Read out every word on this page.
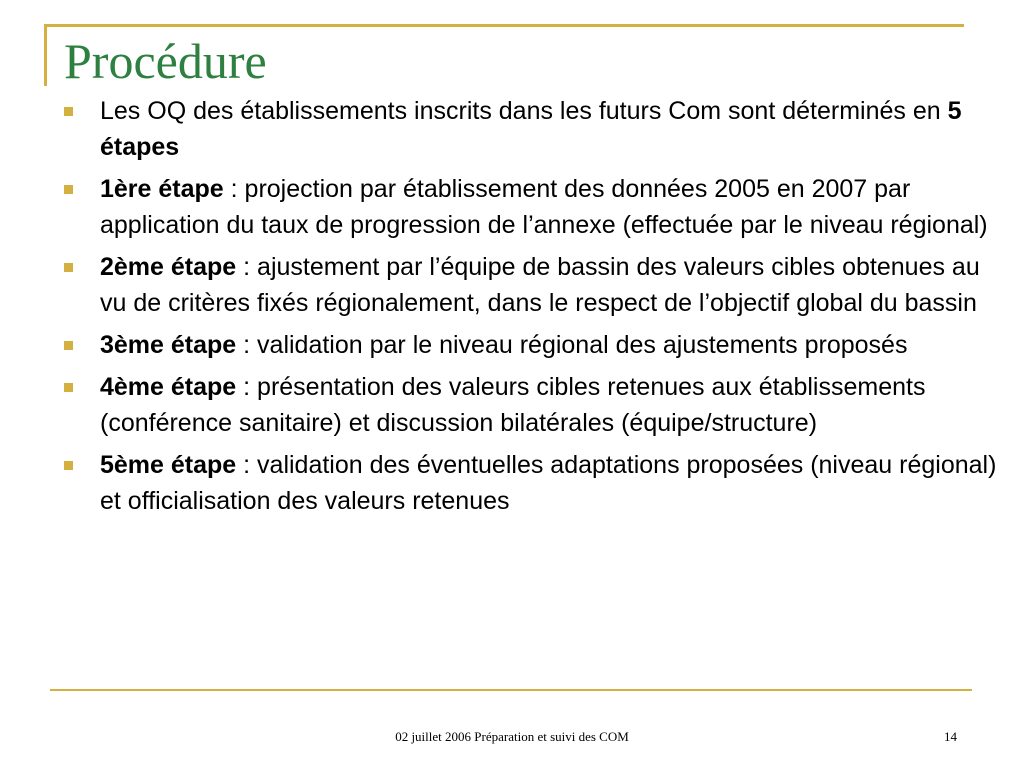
Procédure
Les OQ des établissements inscrits dans les futurs Com sont déterminés en 5 étapes
1ère étape : projection par établissement des données 2005 en 2007 par application du taux de progression de l’annexe (effectuée par le niveau régional)
2ème étape : ajustement par l’équipe de bassin des valeurs cibles obtenues au vu de critères fixés régionalement, dans le respect de l’objectif global du bassin
3ème étape : validation par le niveau régional des ajustements proposés
4ème étape : présentation des valeurs cibles retenues aux établissements (conférence sanitaire) et discussion bilatérales (équipe/structure)
5ème étape : validation des éventuelles adaptations proposées (niveau régional) et officialisation des valeurs retenues
02 juillet 2006 Préparation et suivi des COM	14
